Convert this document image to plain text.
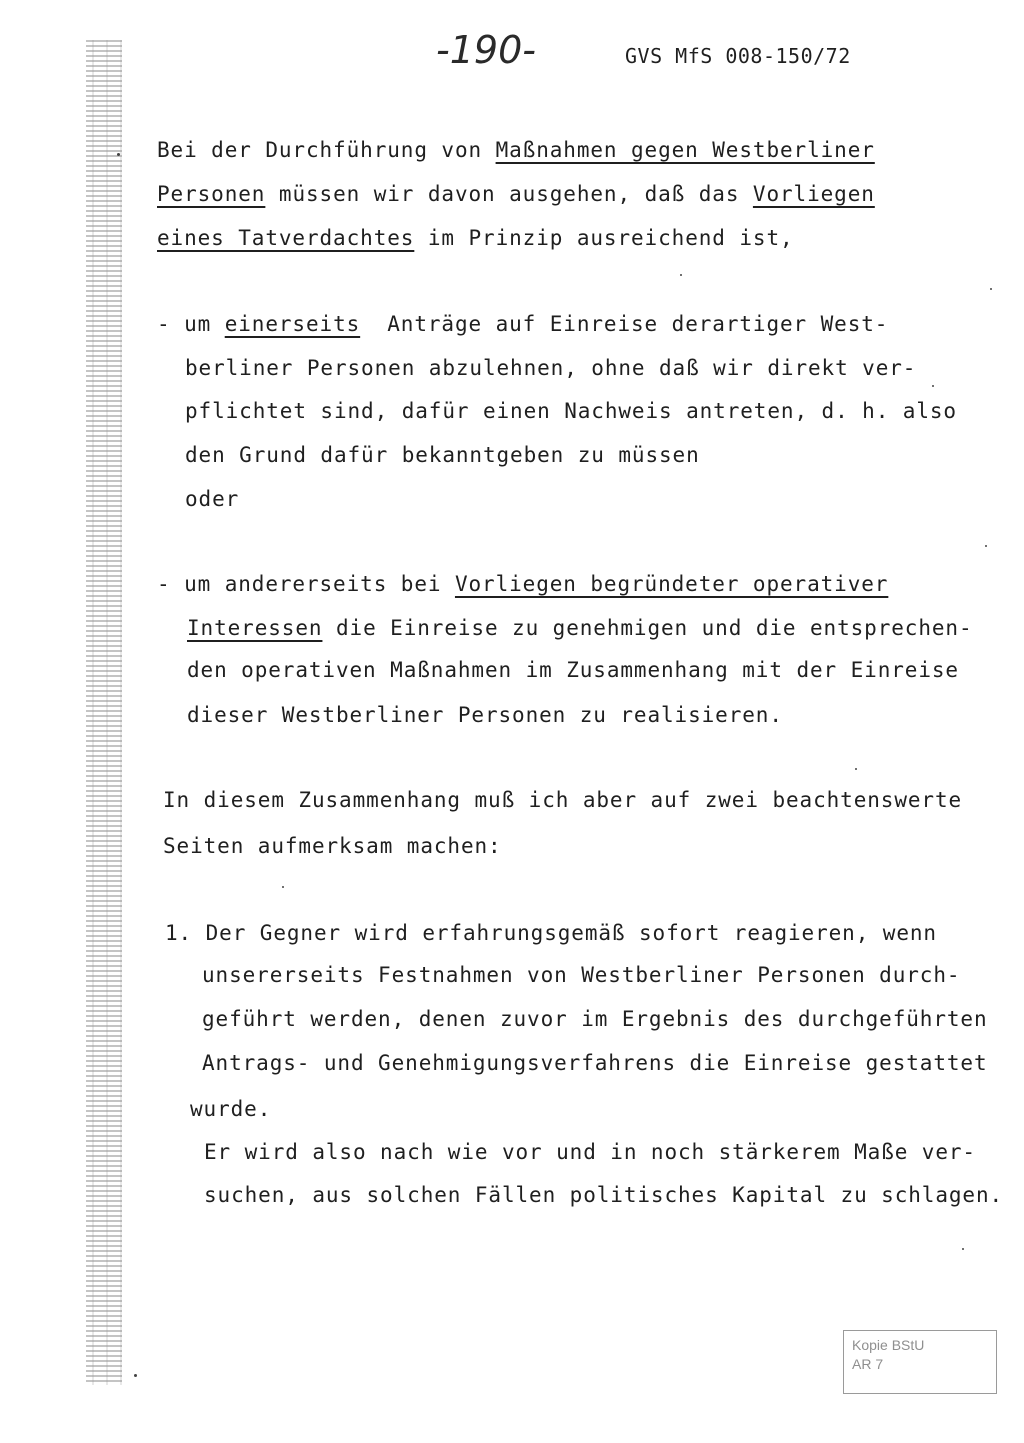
-190-	GVS MfS 008-150/72
Bei der Durchführung von Maßnahmen gegen Westberliner
Personen müssen wir davon ausgehen, daß das Vorliegen
eines Tatverdachtes im Prinzip ausreichend ist,
- um einerseits  Anträge auf Einreise derartiger West-
berliner Personen abzulehnen, ohne daß wir direkt ver-
pflichtet sind, dafür einen Nachweis antreten, d. h. also
den Grund dafür bekanntgeben zu müssen
oder
- um andererseits bei Vorliegen begründeter operativer
Interessen die Einreise zu genehmigen und die entsprechen-
den operativen Maßnahmen im Zusammenhang mit der Einreise
dieser Westberliner Personen zu realisieren.
In diesem Zusammenhang muß ich aber auf zwei beachtenswerte
Seiten aufmerksam machen:
1. Der Gegner wird erfahrungsgemäß sofort reagieren, wenn
unsererseits Festnahmen von Westberliner Personen durch-
geführt werden, denen zuvor im Ergebnis des durchgeführten
Antrags- und Genehmigungsverfahrens die Einreise gestattet
wurde.
Er wird also nach wie vor und in noch stärkerem Maße ver-
suchen, aus solchen Fällen politisches Kapital zu schlagen.
Kopie BStU
AR 7
